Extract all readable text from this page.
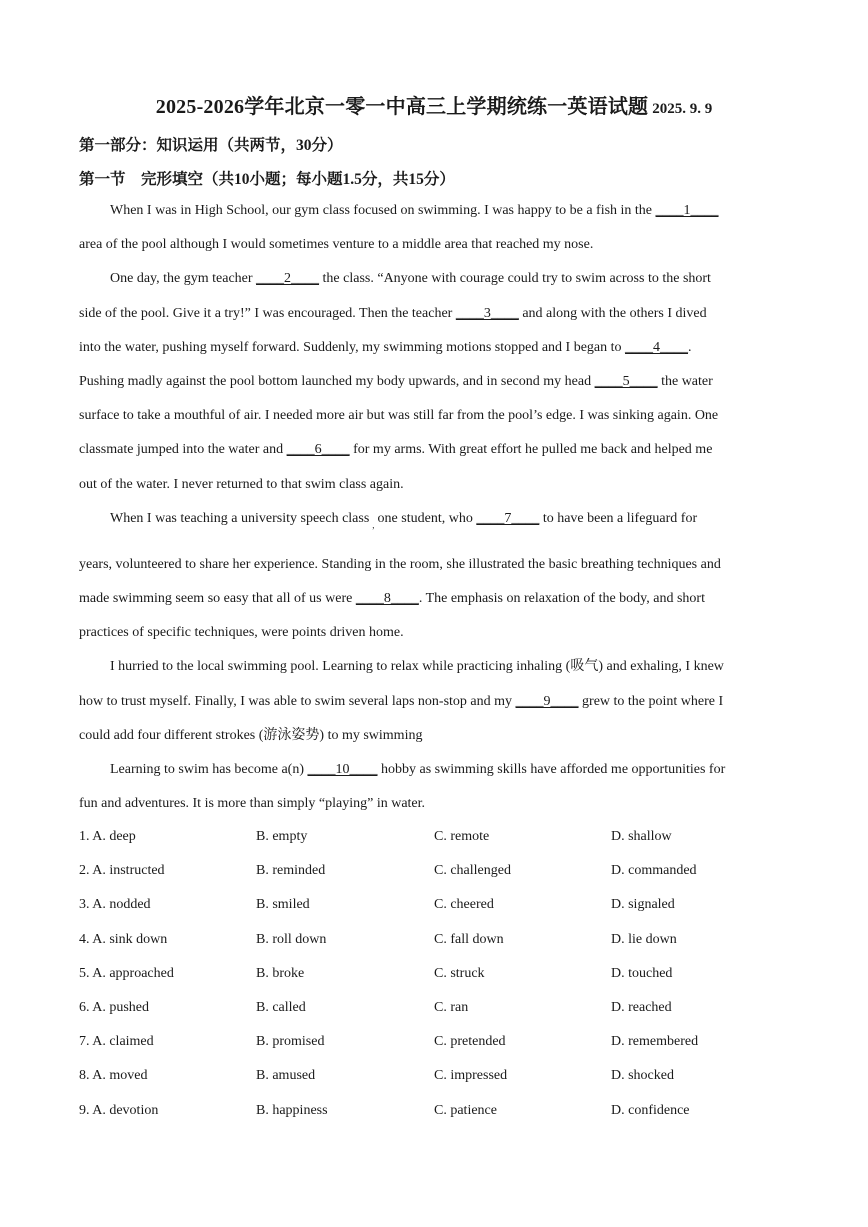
2025-2026学年北京一零一中高三上学期统练一英语试题 2025. 9. 9
第一部分：知识运用（共两节，30分）
第一节　完形填空（共10小题；每小题1.5分，共15分）

When I was in High School, our gym class focused on swimming. I was happy to be a fish in the ____1____

area of the pool although I would sometimes venture to a middle area that reached my nose.

One day, the gym teacher ____2____ the class. “Anyone with courage could try to swim across to the short

side of the pool. Give it a try!” I was encouraged. Then the teacher ____3____ and along with the others I dived

into the water, pushing myself forward. Suddenly, my swimming motions stopped and I began to ____4____.

Pushing madly against the pool bottom launched my body upwards, and in second my head ____5____ the water

surface to take a mouthful of air. I needed more air but was still far from the pool’s edge. I was sinking again. One

classmate jumped into the water and ____6____ for my arms. With great effort he pulled me back and helped me

out of the water. I never returned to that swim class again.

When I was teaching a university speech class $_,$ one student, who ____7____ to have been a lifeguard for

years, volunteered to share her experience. Standing in the room, she illustrated the basic breathing techniques and

made swimming seem so easy that all of us were ____8____. The emphasis on relaxation of the body, and short

practices of specific techniques, were points driven home.

I hurried to the local swimming pool. Learning to relax while practicing inhaling (吸气) and exhaling, I knew

how to trust myself. Finally, I was able to swim several laps non-stop and my ____9____ grew to the point where I

could add four different strokes (游泳姿势) to my swimming

Learning to swim has become a(n) ____10____ hobby as swimming skills have afforded me opportunities for

fun and adventures. It is more than simply “playing” in water.

1. A. deep	B. empty	C. remote	D. shallow
2. A. instructed	B. reminded	C. challenged	D. commanded
3. A. nodded	B. smiled	C. cheered	D. signaled
4. A. sink down	B. roll down	C. fall down	D. lie down
5. A. approached	B. broke	C. struck	D. touched
6. A. pushed	B. called	C. ran	D. reached
7. A. claimed	B. promised	C. pretended	D. remembered
8. A. moved	B. amused	C. impressed	D. shocked
9. A. devotion	B. happiness	C. patience	D. confidence
